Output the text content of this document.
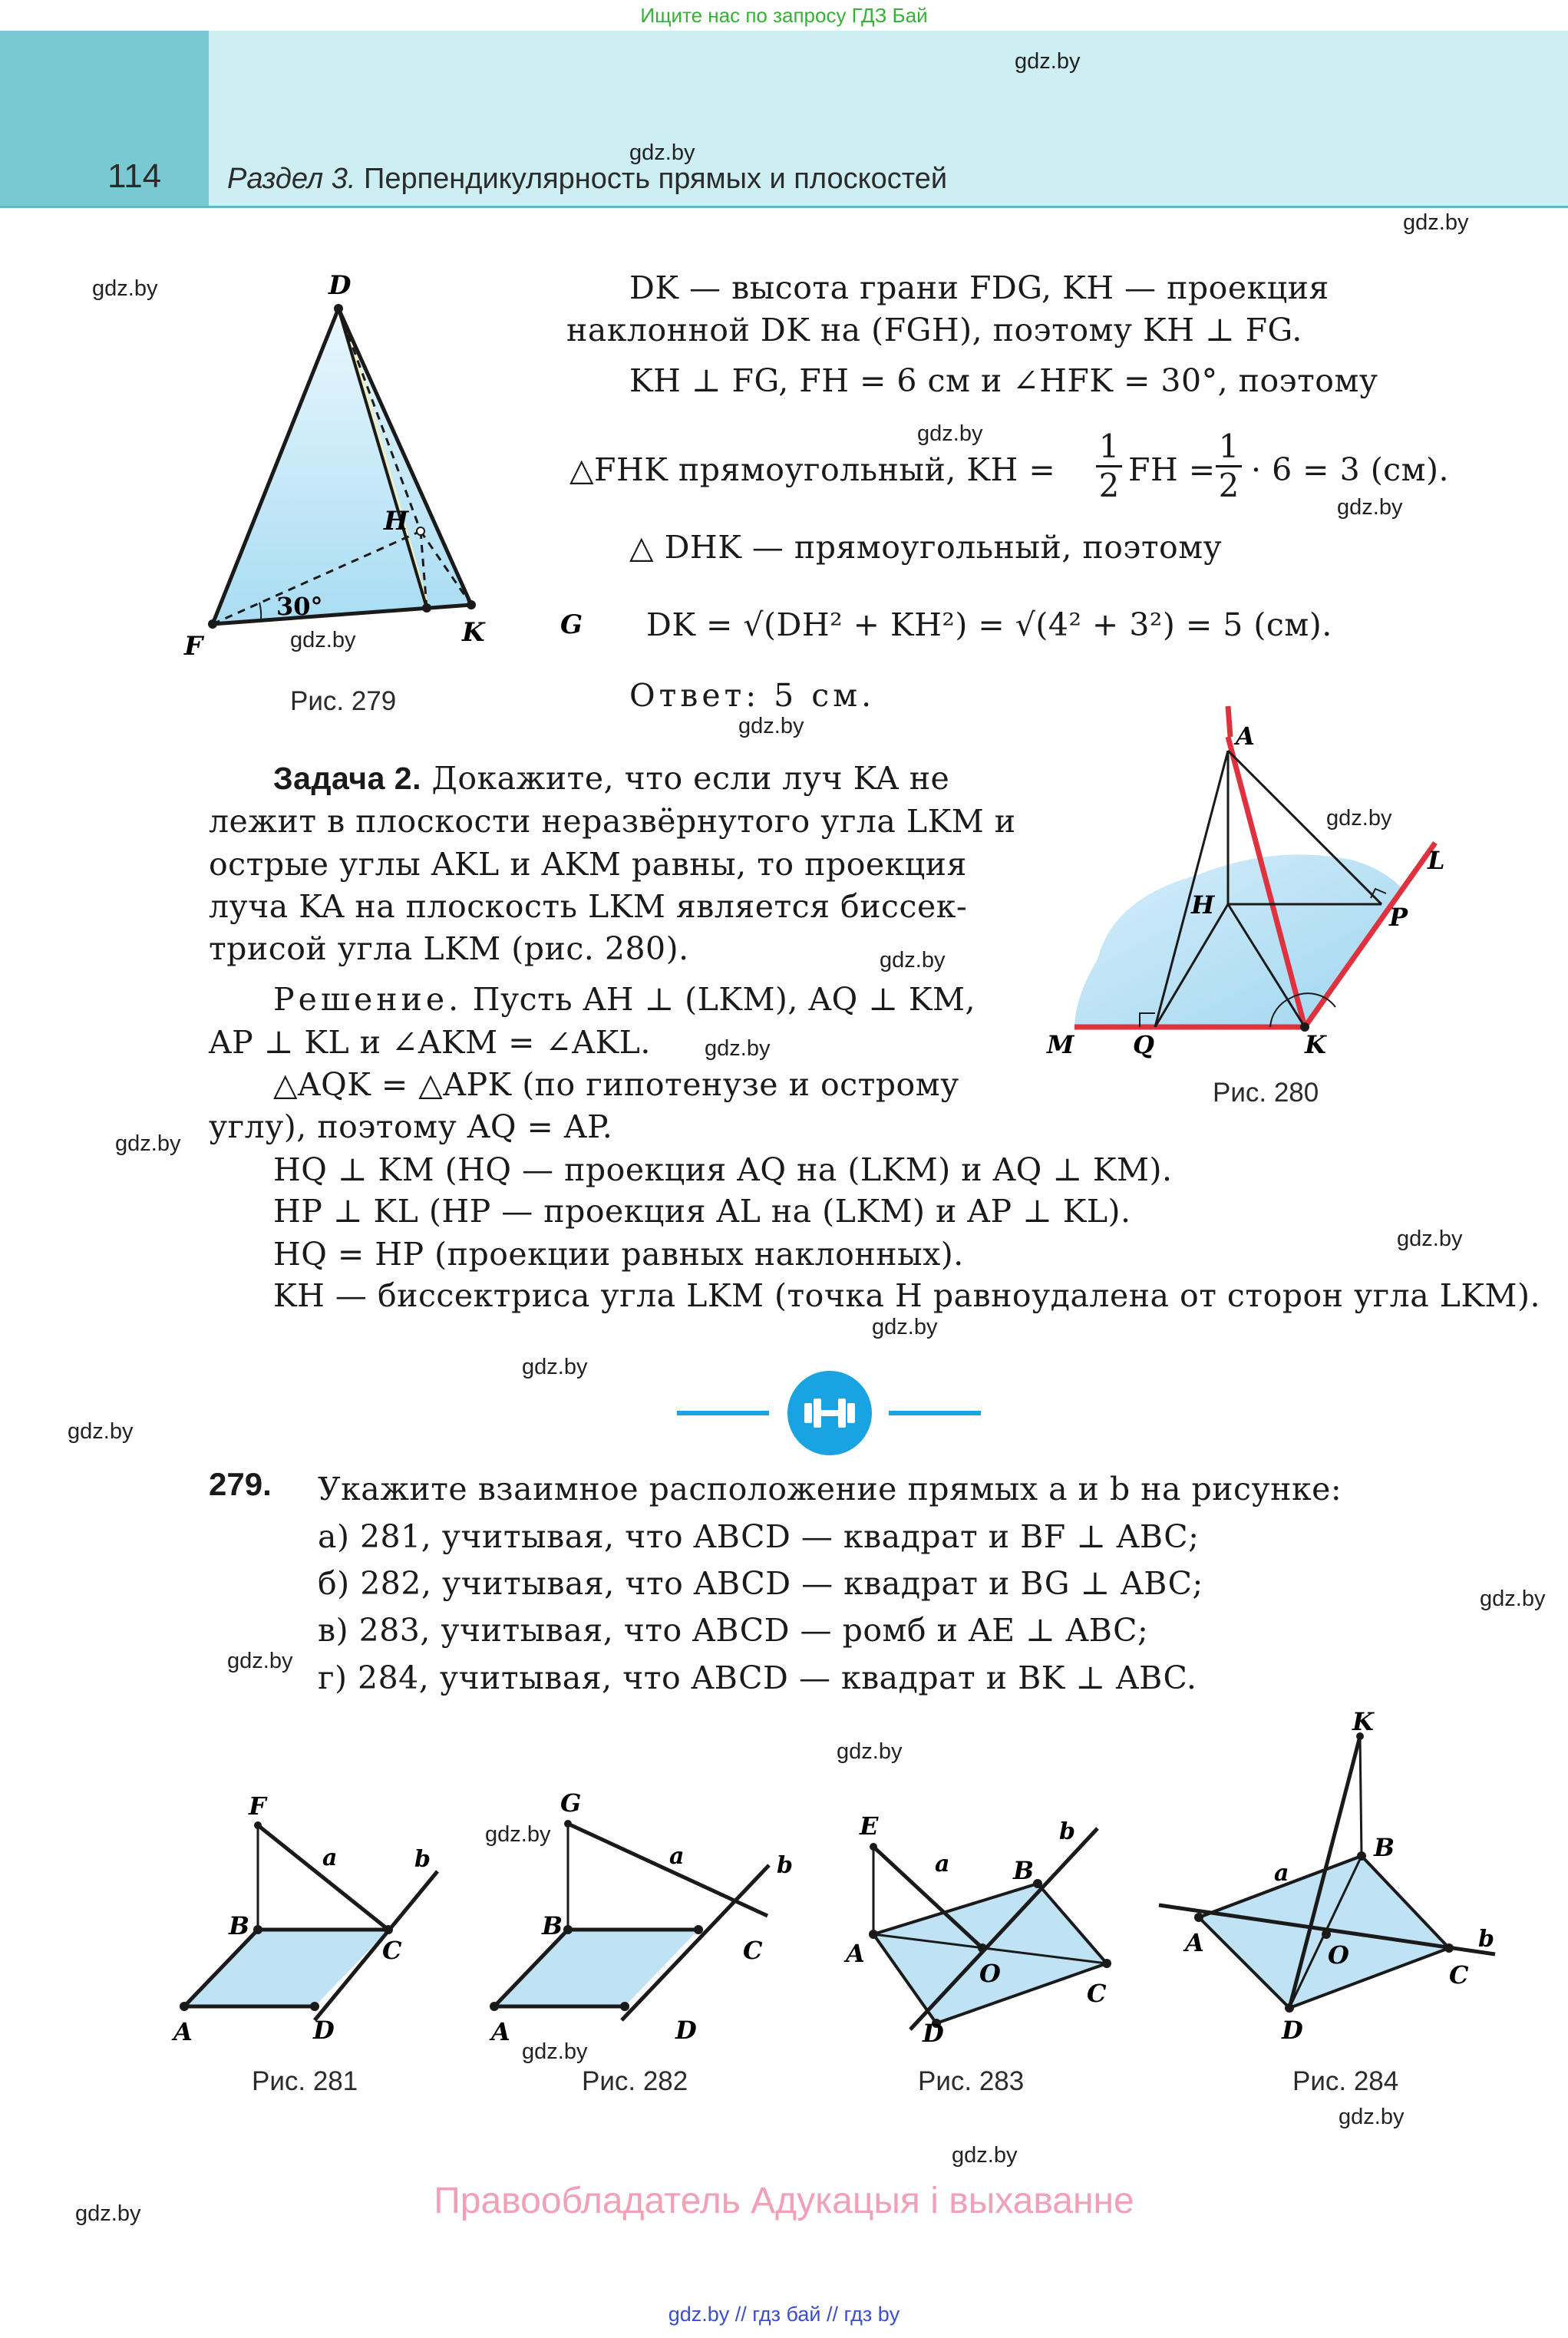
Ищите нас по запросу ГДЗ Бай
114 Раздел 3. Перпендикулярность прямых и плоскостей
gdz.by
gdz.by
gdz.by
gdz.by
gdz.by
gdz.by
gdz.by
gdz.by
gdz.by
gdz.by
gdz.by
gdz.by
gdz.by
gdz.by
gdz.by
gdz.by
gdz.by
gdz.by
gdz.by
gdz.by
gdz.by
gdz.by
gdz.by
gdz.by
D
H
F	K	G
30°
Рис. 279
DK — высота грани FDG, KH — проекция
наклонной DK на (FGH), поэтому KH ⊥ FG.
KH ⊥ FG, FH = 6 см и ∠HFK = 30°, поэтому
△FHK прямоугольный, KH = $\frac{1}{2}$ FH = $\frac{1}{2} \cdot 6 = 3$ (см).
△ DHK — прямоугольный, поэтому
DK = √(DH² + KH²) = √(4² + 3²) = 5 (см).
Ответ: 5 см.
Задача 2. Докажите, что если луч KA не
лежит в плоскости неразвёрнутого угла LKM и
острые углы AKL и AKM равны, то проекция
луча KA на плоскость LKM является биссек-
трисой угла LKM (рис. 280).
Решение. Пусть AH ⊥ (LKM), AQ ⊥ KM,
AP ⊥ KL и ∠AKM = ∠AKL.
△AQK = △APK (по гипотенузе и острому
углу), поэтому AQ = AP.
HQ ⊥ KM (HQ — проекция AQ на (LKM) и AQ ⊥ KM).
HP ⊥ KL (HP — проекция AL на (LKM) и AP ⊥ KL).
HQ = HP (проекции равных наклонных).
KH — биссектриса угла LKM (точка H равноудалена от сторон угла LKM).
A
H
L
P
M Q	K
Рис. 280
279. Укажите взаимное расположение прямых a и b на рисунке:
а) 281, учитывая, что ABCD — квадрат и BF ⊥ ABC;
б) 282, учитывая, что ABCD — квадрат и BG ⊥ ABC;
в) 283, учитывая, что ABCD — ромб и AE ⊥ ABC;
г) 284, учитывая, что ABCD — квадрат и BK ⊥ ABC.
F
a	b
B
C
A	D
Рис. 281
G
a	b
B
C
A	D
Рис. 282
E
a	B
b
A
O
C
D
Рис. 283
K
B
a
A	O
C
b
D
Рис. 284
Правообладатель Адукацыя і выхаванне
gdz.by // гдз бай // гдз by
